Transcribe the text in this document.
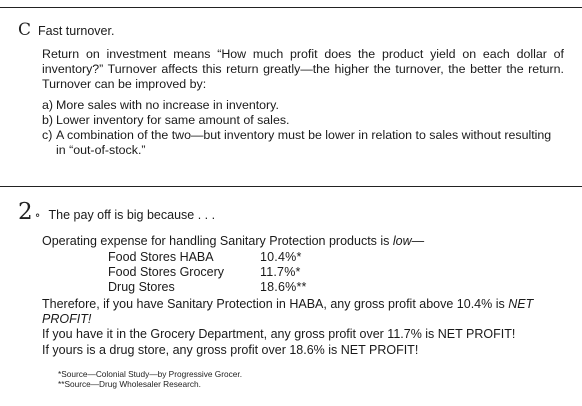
C Fast turnover.
Return on investment means “How much profit does the product yield on each dollar of inventory?” Turnover affects this return greatly—the higher the turnover, the better the return. Turnover can be improved by:
a) More sales with no increase in inventory.
b) Lower inventory for same amount of sales.
c) A combination of the two—but inventory must be lower in relation to sales without resulting in “out-of-stock.”
2 ∘ The pay off is big because . . .
Operating expense for handling Sanitary Protection products is low—
Food Stores HABA	10.4%*
Food Stores Grocery	11.7%*
Drug Stores	18.6%**

Therefore, if you have Sanitary Protection in HABA, any gross profit above 10.4% is NET PROFIT!

If you have it in the Grocery Department, any gross profit over 11.7% is NET PROFIT!

If yours is a drug store, any gross profit over 18.6% is NET PROFIT!

*Source—Colonial Study—by Progressive Grocer.

**Source—Drug Wholesaler Research.
